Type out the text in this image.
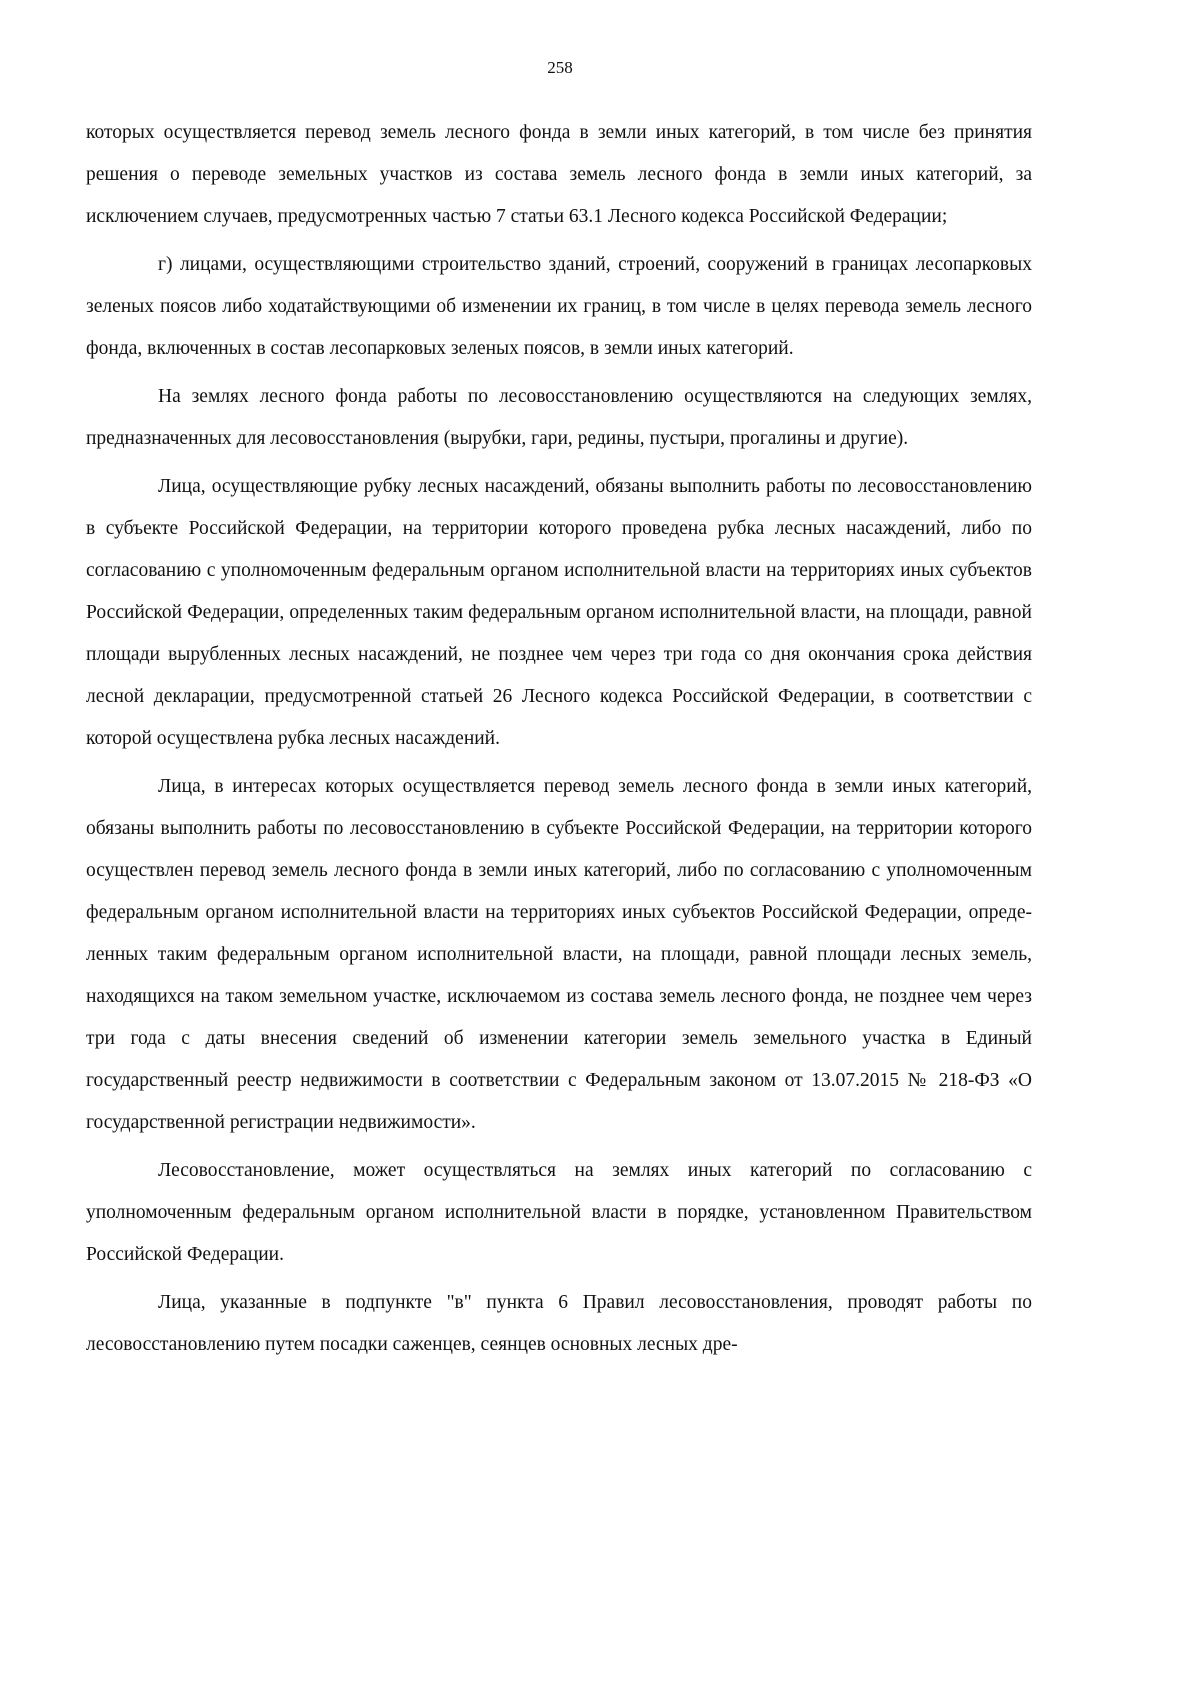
258

которых осуществляется перевод земель лесного фонда в земли иных категорий, в том числе без принятия решения о переводе земельных участков из состава земель лесного фонда в земли иных категорий, за исключением случаев, предусмотренных частью 7 статьи 63.1 Лесного кодекса Российской Федерации;

г) лицами, осуществляющими строительство зданий, строений, сооружений в границах лесопарковых зеленых поясов либо ходатайствующими об изменении их границ, в том числе в целях перевода земель лесного фонда, включенных в состав лесопарковых зеленых поясов, в земли иных категорий.

На землях лесного фонда работы по лесовосстановлению осуществляются на следующих землях, предназначенных для лесовосстановления (вырубки, гари, редины, пустыри, прогалины и другие).

Лица, осуществляющие рубку лесных насаждений, обязаны выполнить работы по лесовосстановлению в субъекте Российской Федерации, на территории которого проведена рубка лесных насаждений, либо по согласованию с уполномоченным федеральным органом исполнительной власти на территориях иных субъектов Российской Федерации, определенных таким федеральным органом исполнительной власти, на площади, равной площади вырубленных лесных насаждений, не позднее чем через три года со дня окончания срока действия лесной декларации, предусмотренной статьей 26 Лесного кодекса Российской Федерации, в соответствии с которой осуществлена рубка лесных насаждений.

Лица, в интересах которых осуществляется перевод земель лесного фонда в земли иных категорий, обязаны выполнить работы по лесовосстановлению в субъекте Российской Федерации, на территории которого осуществлен перевод земель лесного фонда в земли иных категорий, либо по согласованию с уполномоченным федеральным органом исполнительной власти на территориях иных субъектов Российской Федерации, определенных таким федеральным органом исполнительной власти, на площади, равной площади лесных земель, находящихся на таком земельном участке, исключаемом из состава земель лесного фонда, не позднее чем через три года с даты внесения сведений об изменении категории земель земельного участка в Единый государственный реестр недвижимости в соответствии с Федеральным законом от 13.07.2015 № 218-ФЗ «О государственной регистрации недвижимости».

Лесовосстановление, может осуществляться на землях иных категорий по согласованию с уполномоченным федеральным органом исполнительной власти в порядке, установленном Правительством Российской Федерации.

Лица, указанные в подпункте "в" пункта 6 Правил лесовосстановления, проводят работы по лесовосстановлению путем посадки саженцев, сеянцев основных лесных дре-
